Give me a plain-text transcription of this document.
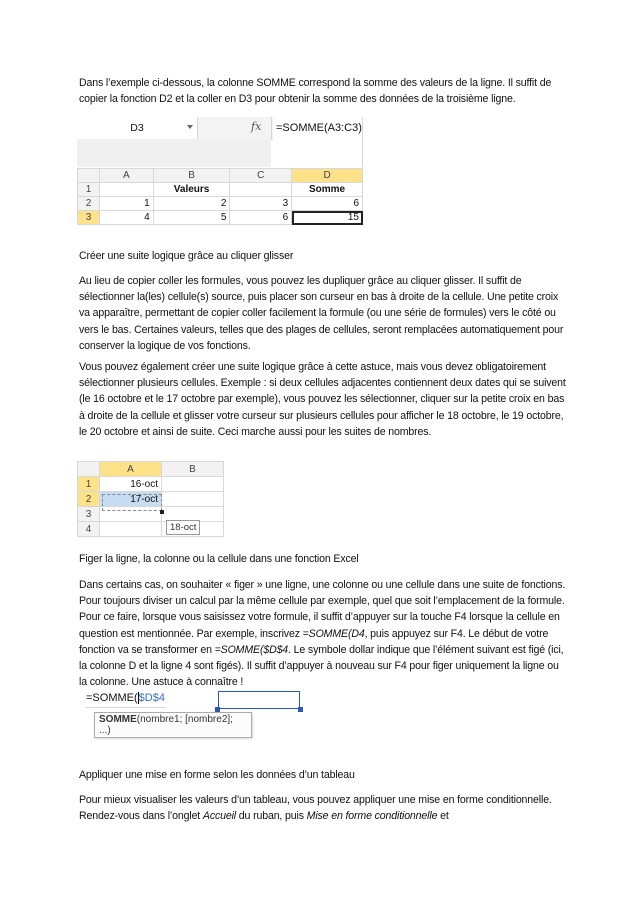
Dans l’exemple ci-dessous, la colonne SOMME correspond la somme des valeurs de la ligne. Il suffit de copier la fonction D2 et la coller en D3 pour obtenir la somme des données de la troisième ligne.

Créer une suite logique grâce au cliquer glisser

Au lieu de copier coller les formules, vous pouvez les dupliquer grâce au cliquer glisser. Il suffit de sélectionner la(les) cellule(s) source, puis placer son curseur en bas à droite de la cellule. Une petite croix va apparaître, permettant de copier coller facilement la formule (ou une série de formules) vers le côté ou vers le bas. Certaines valeurs, telles que des plages de cellules, seront remplacées automatiquement pour conserver la logique de vos fonctions.

Vous pouvez également créer une suite logique grâce à cette astuce, mais vous devez obligatoirement sélectionner plusieurs cellules. Exemple : si deux cellules adjacentes contiennent deux dates qui se suivent (le 16 octobre et le 17 octobre par exemple), vous pouvez les sélectionner, cliquer sur la petite croix en bas à droite de la cellule et glisser votre curseur sur plusieurs cellules pour afficher le 18 octobre, le 19 octobre, le 20 octobre et ainsi de suite. Ceci marche aussi pour les suites de nombres.

Figer la ligne, la colonne ou la cellule dans une fonction Excel

Dans certains cas, on souhaiter « figer » une ligne, une colonne ou une cellule dans une suite de fonctions. Pour toujours diviser un calcul par la même cellule par exemple, quel que soit l’emplacement de la formule. Pour ce faire, lorsque vous saisissez votre formule, il suffit d’appuyer sur la touche F4 lorsque la cellule en question est mentionnée. Par exemple, inscrivez =SOMME(D4, puis appuyez sur F4. Le début de votre fonction va se transformer en =SOMME($D$4. Le symbole dollar indique que l’élément suivant est figé (ici, la colonne D et la ligne 4 sont figés). Il suffit d’appuyer à nouveau sur F4 pour figer uniquement la ligne ou la colonne. Une astuce à connaître !

Appliquer une mise en forme selon les données d’un tableau

Pour mieux visualiser les valeurs d’un tableau, vous pouvez appliquer une mise en forme conditionnelle. Rendez-vous dans l’onglet Accueil du ruban, puis Mise en forme conditionnelle et

D3	fx =SOMME(A3:C3)
	A	B	C	D
1		Valeurs		Somme
2	1	2	3	6
3	4	5	6	15
	A	B
1	16-oct	
2	17-oct	
3		
4			18-oct
=SOMME($D$4
SOMME(nombre1; [nombre2]; ...)
